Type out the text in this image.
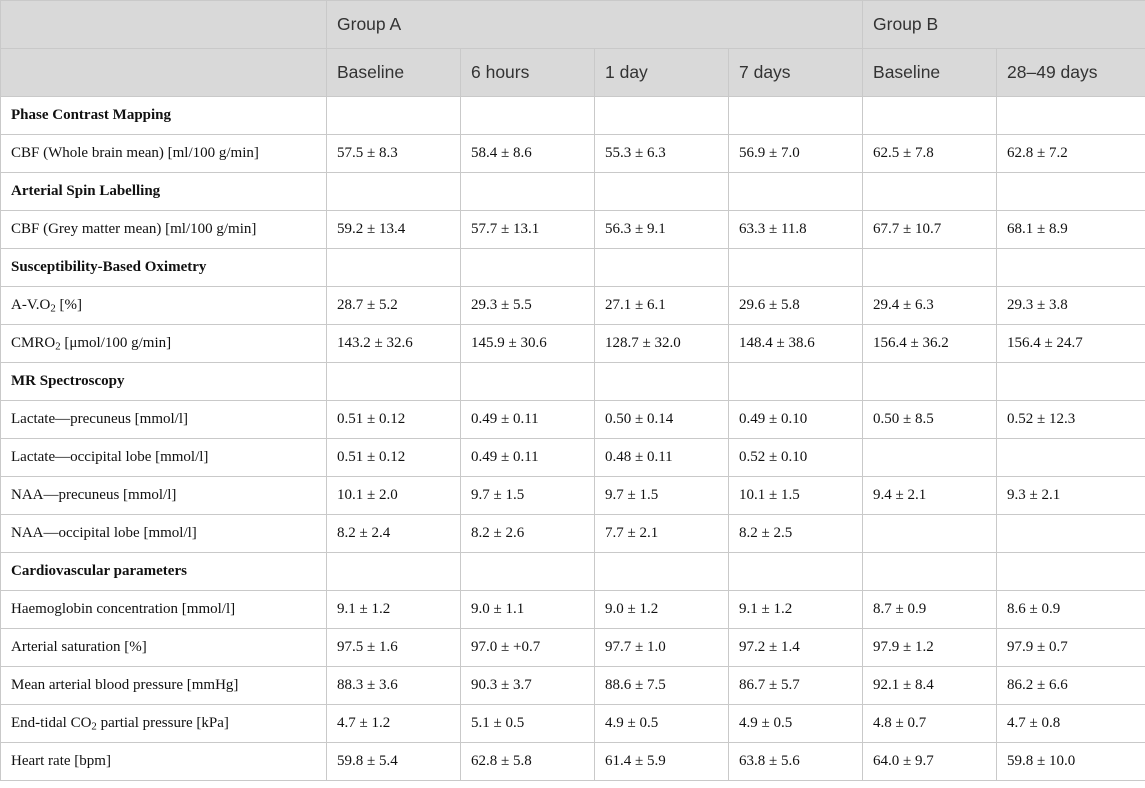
	Group A				Group B	
	Baseline	6 hours	1 day	7 days	Baseline	28–49 days
Phase Contrast Mapping						
CBF (Whole brain mean) [ml/100 g/min]	57.5 ± 8.3	58.4 ± 8.6	55.3 ± 6.3	56.9 ± 7.0	62.5 ± 7.8	62.8 ± 7.2
Arterial Spin Labelling						
CBF (Grey matter mean) [ml/100 g/min]	59.2 ± 13.4	57.7 ± 13.1	56.3 ± 9.1	63.3 ± 11.8	67.7 ± 10.7	68.1 ± 8.9
Susceptibility-Based Oximetry						
$A-V.O_2$ [%]	28.7 ± 5.2	29.3 ± 5.5	27.1 ± 6.1	29.6 ± 5.8	29.4 ± 6.3	29.3 ± 3.8
$CMRO_2$ [μmol/100 g/min]	143.2 ± 32.6	145.9 ± 30.6	128.7 ± 32.0	148.4 ± 38.6	156.4 ± 36.2	156.4 ± 24.7
MR Spectroscopy						
Lactate—precuneus [mmol/l]	0.51 ± 0.12	0.49 ± 0.11	0.50 ± 0.14	0.49 ± 0.10	0.50 ± 8.5	0.52 ± 12.3
Lactate—occipital lobe [mmol/l]	0.51 ± 0.12	0.49 ± 0.11	0.48 ± 0.11	0.52 ± 0.10		
NAA—precuneus [mmol/l]	10.1 ± 2.0	9.7 ± 1.5	9.7 ± 1.5	10.1 ± 1.5	9.4 ± 2.1	9.3 ± 2.1
NAA—occipital lobe [mmol/l]	8.2 ± 2.4	8.2 ± 2.6	7.7 ± 2.1	8.2 ± 2.5		
Cardiovascular parameters						
Haemoglobin concentration [mmol/l]	9.1 ± 1.2	9.0 ± 1.1	9.0 ± 1.2	9.1 ± 1.2	8.7 ± 0.9	8.6 ± 0.9
Arterial saturation [%]	97.5 ± 1.6	97.0 ± +0.7	97.7 ± 1.0	97.2 ± 1.4	97.9 ± 1.2	97.9 ± 0.7
Mean arterial blood pressure [mmHg]	88.3 ± 3.6	90.3 ± 3.7	88.6 ± 7.5	86.7 ± 5.7	92.1 ± 8.4	86.2 ± 6.6
End-tidal $CO_2$ partial pressure [kPa]	4.7 ± 1.2	5.1 ± 0.5	4.9 ± 0.5	4.9 ± 0.5	4.8 ± 0.7	4.7 ± 0.8
Heart rate [bpm]	59.8 ± 5.4	62.8 ± 5.8	61.4 ± 5.9	63.8 ± 5.6	64.0 ± 9.7	59.8 ± 10.0
